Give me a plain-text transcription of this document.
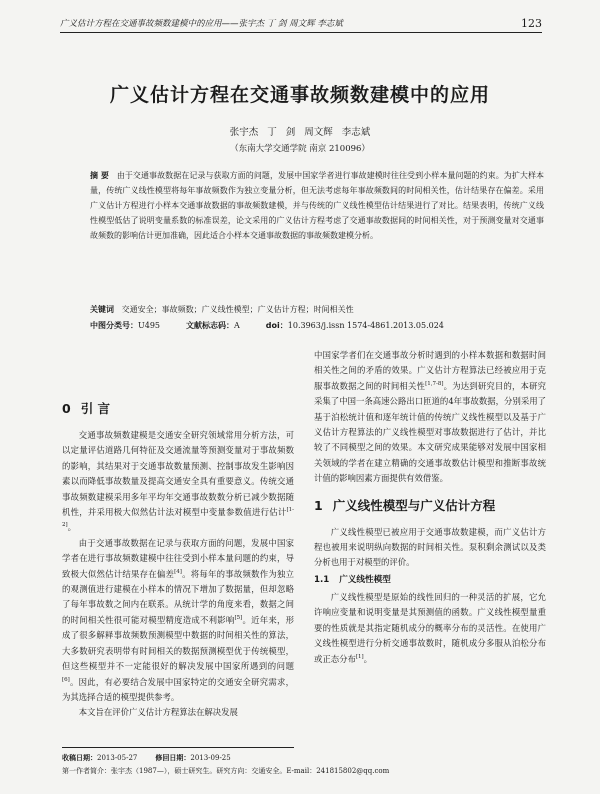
广义估计方程在交通事故频数建模中的应用——张宇杰 丁 剑 周文辉 李志斌	123
广义估计方程在交通事故频数建模中的应用
张宇杰 丁 剑 周文辉 李志斌
（东南大学交通学院 南京 210096）

摘 要 由于交通事故数据在记录与获取方面的问题，发展中国家学者进行事故建模时往往受到小样本量问题的约束。为扩大样本量，传统广义线性模型将每年事故频数作为独立变量分析，但无法考虑每年事故频数间的时间相关性，估计结果存在偏差。采用广义估计方程进行小样本交通事故数据的事故频数建模，并与传统的广义线性模型估计结果进行了对比。结果表明，传统广义线性模型低估了说明变量系数的标准误差，论文采用的广义估计方程考虑了交通事故数据间的时间相关性，对于预测变量对交通事故频数的影响估计更加准确，因此适合小样本交通事故数据的事故频数建模分析。

关键词 交通安全；事故频数；广义线性模型；广义估计方程；时间相关性

中图分类号：U495	文献标志码：A	doi：10.3963/j.issn 1574-4861.2013.05.024

0 引 言

交通事故频数建模是交通安全研究领域常用分析方法，可以定量评估道路几何特征及交通流量等预测变量对于事故频数的影响，其结果对于交通事故数量预测、控制事故发生影响因素以而降低事故数量及提高交通安全具有重要意义。传统交通事故频数建模采用多年平均年交通事故数数分析已减少数据随机性，并采用极大似然估计法对模型中变量参数值进行估计[1-2]。

由于交通事故数据在记录与获取方面的问题，发展中国家学者在进行事故频数建模中往往受到小样本量问题的约束，导致极大似然估计结果存在偏差[4]。将每年的事故频数作为独立的观测值进行建模在小样本的情况下增加了数据量，但却忽略了每年事故数之间内在联系。从统计学的角度来看，数据之间的时间相关性很可能对模型精度造成不利影响[5]。近年来，形成了很多解释事故频数预测模型中数据的时间相关性的算法，大多数研究表明带有时间相关的数据预测模型优于传统模型，但这些模型并不一定能很好的解决发展中国家所遇到的问题[6]。因此，有必要结合发展中国家特定的交通安全研究需求，为其选择合适的模型提供参考。

本文旨在评价广义估计方程算法在解决发展

中国家学者们在交通事故分析时遇到的小样本数据和数据时间相关性之间的矛盾的效果。广义估计方程算法已经被应用于克服事故数据之间的时间相关性[1,7-8]。为达到研究目的，本研究采集了中国一条高速公路出口匝道的4年事故数据，分别采用了基于泊松统计值和逐年统计值的传统广义线性模型以及基于广义估计方程算法的广义线性模型对事故数据进行了估计，并比较了不同模型之间的效果。本文研究成果能够对发展中国家相关领域的学者在建立精确的交通事故数估计模型和推断事故统计值的影响因素方面提供有效借鉴。

1 广义线性模型与广义估计方程

广义线性模型已被应用于交通事故数建模，而广义估计方程也被用来说明纵向数据的时间相关性。泵积剩余测试以及类分析也用于对模型的评价。

1.1 广义线性模型

广义线性模型是原始的线性回归的一种灵活的扩展，它允许响应变量和说明变量是其预测值的函数。广义线性模型量重要的性质就是其指定随机成分的概率分布的灵活性。在使用广义线性模型进行分析交通事故数时，随机成分多服从泊松分布或正态分布[1]。

收稿日期：2013-05-27	修回日期：2013-09-25
第一作者简介：张宇杰（1987—），硕士研究生。研究方向：交通安全。E-mail：241815802@qq.com
